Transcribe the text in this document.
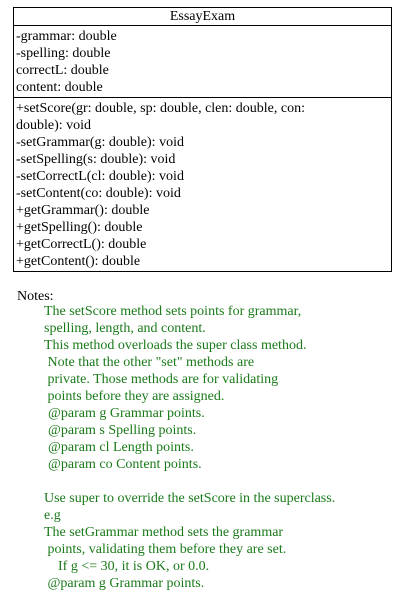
EssayExam
-grammar: double
-spelling: double
correctL: double
content: double
+setScore(gr: double, sp: double, clen: double, con:
double): void
-setGrammar(g: double): void
-setSpelling(s: double): void
-setCorrectL(cl: double): void
-setContent(co: double): void
+getGrammar(): double
+getSpelling(): double
+getCorrectL(): double
+getContent(): double
Notes:
The setScore method sets points for grammar,
spelling, length, and content.
This method overloads the super class method.
Note that the other "set" methods are
private. Those methods are for validating
points before they are assigned.
@param g Grammar points.
@param s Spelling points.
@param cl Length points.
@param co Content points.
Use super to override the setScore in the superclass.
e.g
The setGrammar method sets the grammar
points, validating them before they are set.
If g <= 30, it is OK, or 0.0.
@param g Grammar points.
